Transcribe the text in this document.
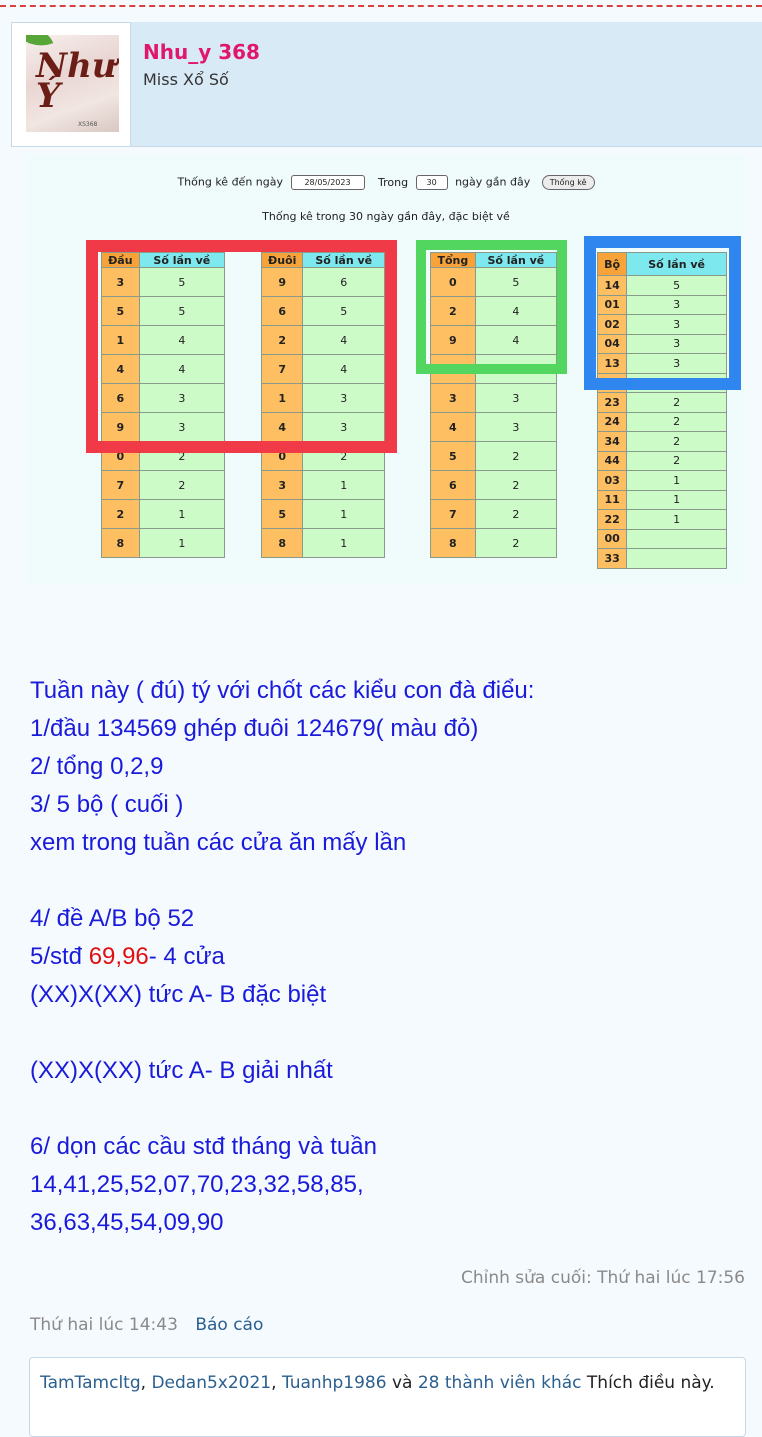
Như Ý
XS368
Nhu_y 368
Miss Xổ Số
Thống kê đến ngày	28/05/2023 Trong 30 ngày gần đây Thống kê
Thống kê trong 30 ngày gần đây, đặc biệt về
Đầu	Số lần về
3	5
5	5
1	4
4	4
6	3
9	3
0	2
7	2
2	1
8	1
Đuôi	Số lần về
9	6
6	5
2	4
7	4
1	3
4	3
0	2
3	1
5	1
8	1
Tổng	Số lần về
0	5
2	4
9	4
1	3
3	3
4	3
5	2
6	2
7	2
8	2
Bộ	Số lần về
14	5
01	3
02	3
04	3
13	3
12	2
23	2
24	2
34	2
44	2
03	1
11	1
22	1
00	
33	
Tuần này ( đú) tý với chốt các kiểu con đà điểu:
1/đầu 134569 ghép đuôi 124679( màu đỏ)
2/ tổng 0,2,9
3/ 5 bộ ( cuối )
xem trong tuần các cửa ăn mấy lần
4/ đề A/B bộ 52
5/stđ 69,96- 4 cửa
(XX)X(XX) tức A- B đặc biệt
(XX)X(XX) tức A- B giải nhất
6/ dọn các cầu stđ tháng và tuần
14,41,25,52,07,70,23,32,58,85,
36,63,45,54,09,90
Chỉnh sửa cuối: Thứ hai lúc 17:56
Thứ hai lúc 14:43 Báo cáo
TamTamcltg, Dedan5x2021, Tuanhp1986 và 28 thành viên khác Thích điều này.
